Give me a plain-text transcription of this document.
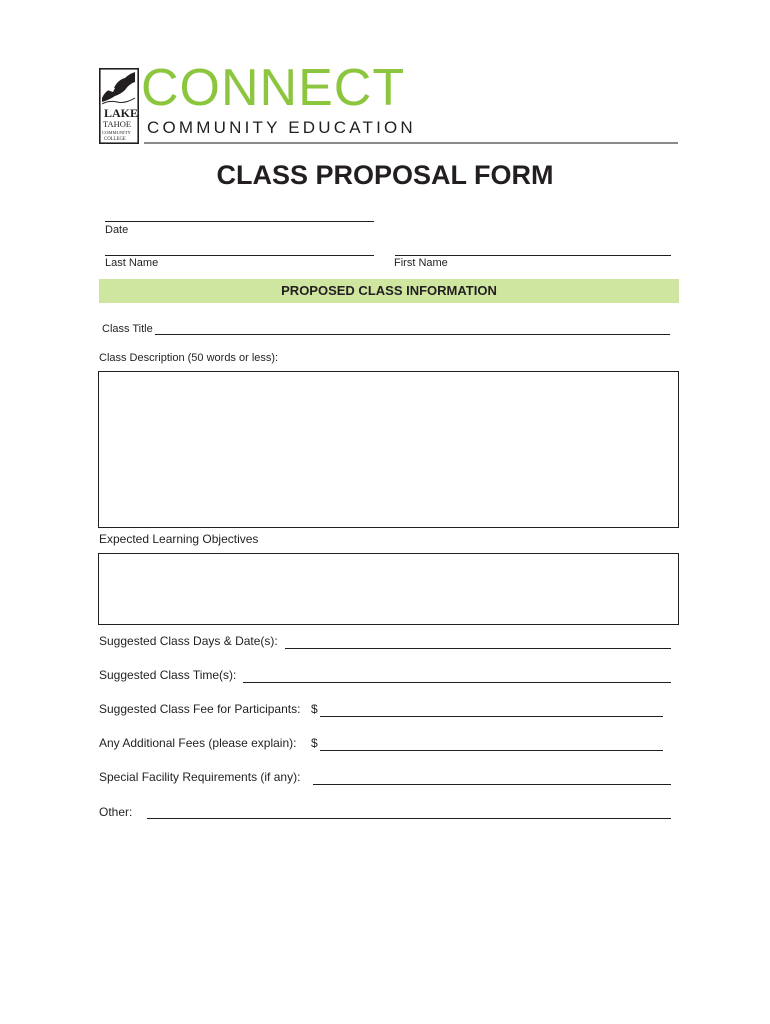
LAKE
TAHOE
COMMUNITY
COLLEGE
CONNECT
COMMUNITY EDUCATION
CLASS PROPOSAL FORM
Date
Last Name	First Name
PROPOSED CLASS INFORMATION
Class Title
Class Description (50 words or less):
Expected Learning Objectives
Suggested Class Days & Date(s):
Suggested Class Time(s):
Suggested Class Fee for Participants: $
Any Additional Fees (please explain): $
Special Facility Requirements (if any):
Other:
